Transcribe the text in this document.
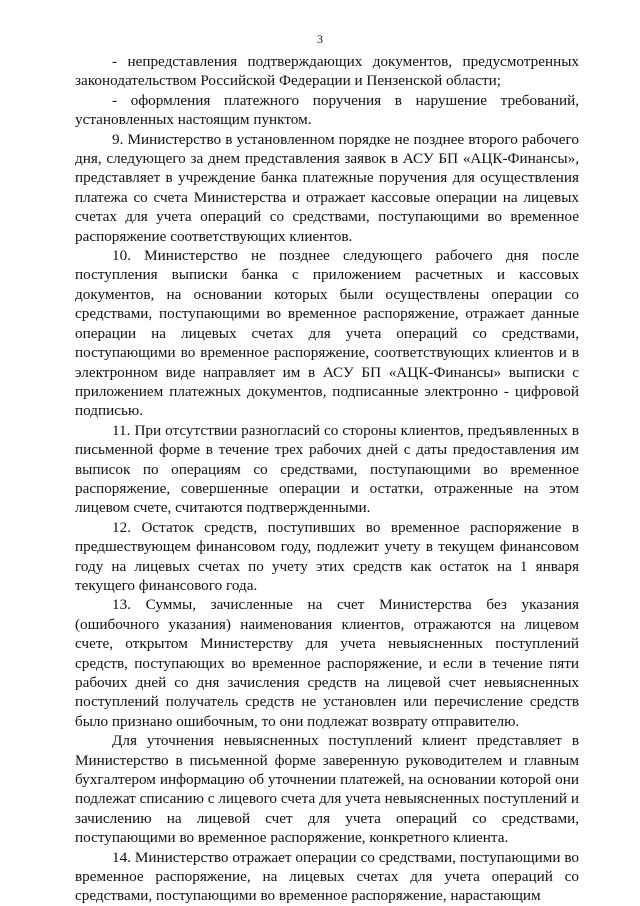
3

- непредставления подтверждающих документов, предусмотренных законодательством Российской Федерации и Пензенской области;

- оформления платежного поручения в нарушение требований, установленных настоящим пунктом.

9. Министерство в установленном порядке не позднее второго рабочего дня, следующего за днем представления заявок в АСУ БП «АЦК-Финансы», представляет в учреждение банка платежные поручения для осуществления платежа со счета Министерства и отражает кассовые операции на лицевых счетах для учета операций со средствами, поступающими во временное распоряжение соответствующих клиентов.

10. Министерство не позднее следующего рабочего дня после поступления выписки банка с приложением расчетных и кассовых документов, на основании которых были осуществлены операции со средствами, поступающими во временное распоряжение, отражает данные операции на лицевых счетах для учета операций со средствами, поступающими во временное распоряжение, соответствующих клиентов и в электронном виде направляет им в АСУ БП «АЦК-Финансы» выписки с приложением платежных документов, подписанные электронно - цифровой подписью.

11. При отсутствии разногласий со стороны клиентов, предъявленных в письменной форме в течение трех рабочих дней с даты предоставления им выписок по операциям со средствами, поступающими во временное распоряжение, совершенные операции и остатки, отраженные на этом лицевом счете, считаются подтвержденными.

12. Остаток средств, поступивших во временное распоряжение в предшествующем финансовом году, подлежит учету в текущем финансовом году на лицевых счетах по учету этих средств как остаток на 1 января текущего финансового года.

13. Суммы, зачисленные на счет Министерства без указания (ошибочного указания) наименования клиентов, отражаются на лицевом счете, открытом Министерству для учета невыясненных поступлений средств, поступающих во временное распоряжение, и если в течение пяти рабочих дней со дня зачисления средств на лицевой счет невыясненных поступлений получатель средств не установлен или перечисление средств было признано ошибочным, то они подлежат возврату отправителю.

Для уточнения невыясненных поступлений клиент представляет в Министерство в письменной форме заверенную руководителем и главным бухгалтером информацию об уточнении платежей, на основании которой они подлежат списанию с лицевого счета для учета невыясненных поступлений и зачислению на лицевой счет для учета операций со средствами, поступающими во временное распоряжение, конкретного клиента.

14. Министерство отражает операции со средствами, поступающими во временное распоряжение, на лицевых счетах для учета операций со средствами, поступающими во временное распоряжение, нарастающим
